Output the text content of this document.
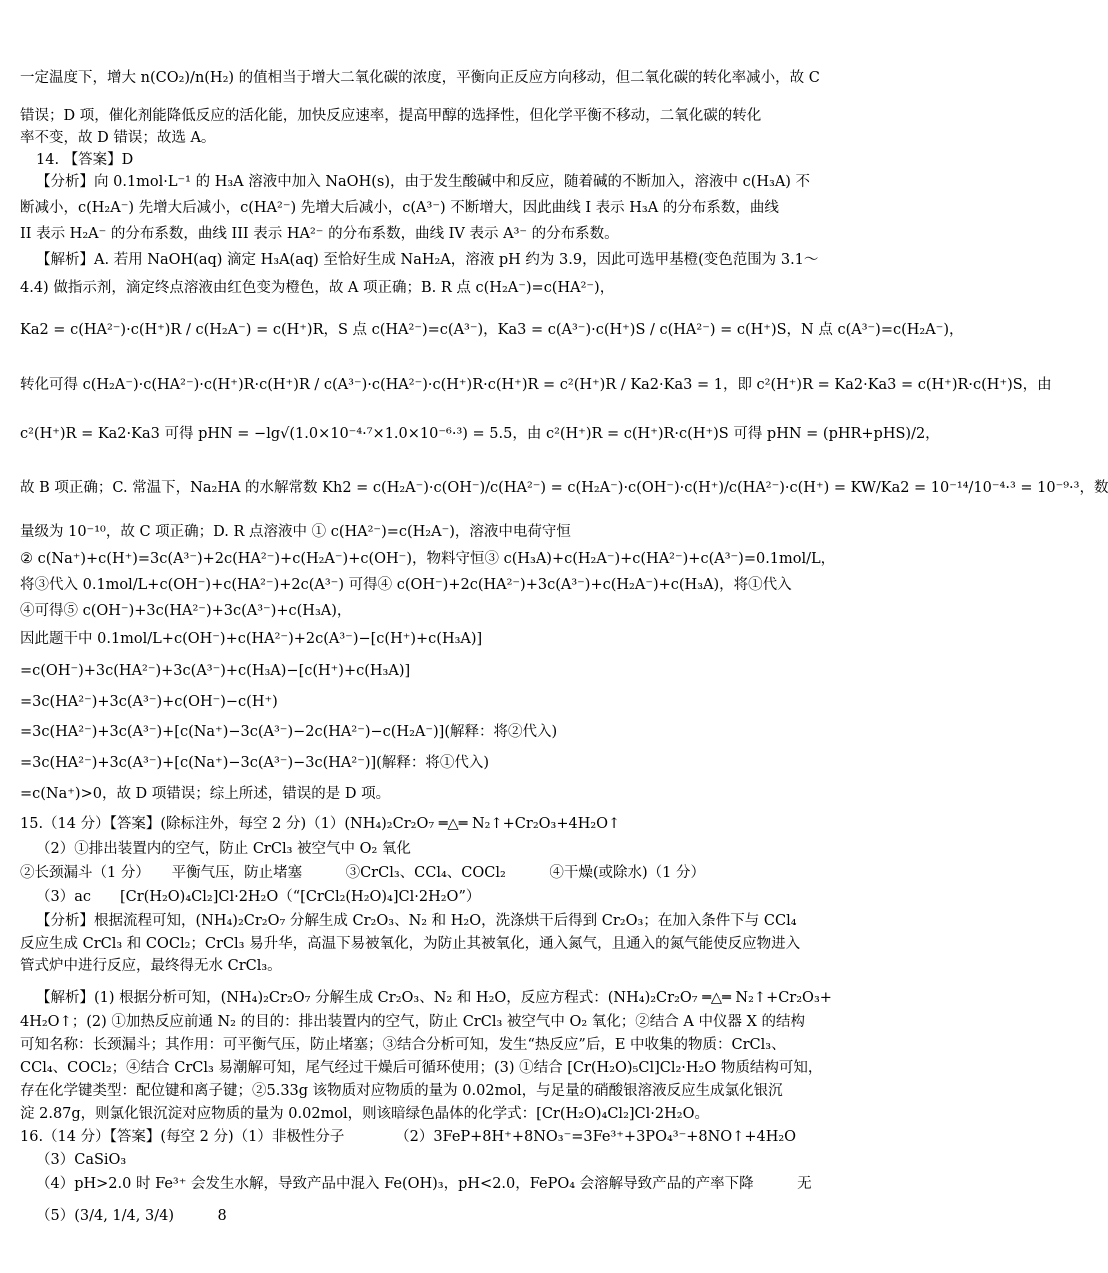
一定温度下，增大 n(CO₂)/n(H₂) 的值相当于增大二氧化碳的浓度，平衡向正反应方向移动，但二氧化碳的转化率减小，故 C
错误；D 项，催化剂能降低反应的活化能，加快反应速率，提高甲醇的选择性，但化学平衡不移动，二氧化碳的转化
率不变，故 D 错误；故选 A。
14. 【答案】D
【分析】向 0.1mol·L⁻¹ 的 H₃A 溶液中加入 NaOH(s)，由于发生酸碱中和反应，随着碱的不断加入，溶液中 c(H₃A) 不
断减小，c(H₂A⁻) 先增大后减小，c(HA²⁻) 先增大后减小，c(A³⁻) 不断增大，因此曲线 I 表示 H₃A 的分布系数，曲线
II 表示 H₂A⁻ 的分布系数，曲线 III 表示 HA²⁻ 的分布系数，曲线 IV 表示 A³⁻ 的分布系数。
【解析】A. 若用 NaOH(aq) 滴定 H₃A(aq) 至恰好生成 NaH₂A，溶液 pH 约为 3.9，因此可选甲基橙(变色范围为 3.1～
4.4) 做指示剂，滴定终点溶液由红色变为橙色，故 A 项正确；B. R 点 c(H₂A⁻)=c(HA²⁻)，
Ka2 = c(HA²⁻)·c(H⁺)R / c(H₂A⁻) = c(H⁺)R，S 点 c(HA²⁻)=c(A³⁻)，Ka3 = c(A³⁻)·c(H⁺)S / c(HA²⁻) = c(H⁺)S，N 点 c(A³⁻)=c(H₂A⁻)，
转化可得 c(H₂A⁻)·c(HA²⁻)·c(H⁺)R·c(H⁺)R / c(A³⁻)·c(HA²⁻)·c(H⁺)R·c(H⁺)R = c²(H⁺)R / Ka2·Ka3 = 1，即 c²(H⁺)R = Ka2·Ka3 = c(H⁺)R·c(H⁺)S，由
c²(H⁺)R = Ka2·Ka3 可得 pHN = −lg√(1.0×10⁻⁴·⁷×1.0×10⁻⁶·³) = 5.5，由 c²(H⁺)R = c(H⁺)R·c(H⁺)S 可得 pHN = (pHR+pHS)/2，
故 B 项正确；C. 常温下，Na₂HA 的水解常数 Kh2 = c(H₂A⁻)·c(OH⁻)/c(HA²⁻) = c(H₂A⁻)·c(OH⁻)·c(H⁺)/c(HA²⁻)·c(H⁺) = KW/Ka2 = 10⁻¹⁴/10⁻⁴·³ = 10⁻⁹·³，数
量级为 10⁻¹⁰，故 C 项正确；D. R 点溶液中 ① c(HA²⁻)=c(H₂A⁻)，溶液中电荷守恒
② c(Na⁺)+c(H⁺)=3c(A³⁻)+2c(HA²⁻)+c(H₂A⁻)+c(OH⁻)，物料守恒③ c(H₃A)+c(H₂A⁻)+c(HA²⁻)+c(A³⁻)=0.1mol/L，
将③代入 0.1mol/L+c(OH⁻)+c(HA²⁻)+2c(A³⁻) 可得④ c(OH⁻)+2c(HA²⁻)+3c(A³⁻)+c(H₂A⁻)+c(H₃A)，将①代入
④可得⑤ c(OH⁻)+3c(HA²⁻)+3c(A³⁻)+c(H₃A)，
因此题干中 0.1mol/L+c(OH⁻)+c(HA²⁻)+2c(A³⁻)−[c(H⁺)+c(H₃A)]
=c(OH⁻)+3c(HA²⁻)+3c(A³⁻)+c(H₃A)−[c(H⁺)+c(H₃A)]
=3c(HA²⁻)+3c(A³⁻)+c(OH⁻)−c(H⁺)
=3c(HA²⁻)+3c(A³⁻)+[c(Na⁺)−3c(A³⁻)−2c(HA²⁻)−c(H₂A⁻)](解释：将②代入)
=3c(HA²⁻)+3c(A³⁻)+[c(Na⁺)−3c(A³⁻)−3c(HA²⁻)](解释：将①代入)
=c(Na⁺)>0，故 D 项错误；综上所述，错误的是 D 项。
15.（14 分）【答案】(除标注外，每空 2 分)（1）(NH₄)₂Cr₂O₇ ═△═ N₂↑+Cr₂O₃+4H₂O↑
（2）①排出装置内的空气，防止 CrCl₃ 被空气中 O₂ 氧化
②长颈漏斗（1 分）　　平衡气压，防止堵塞　　　③CrCl₃、CCl₄、COCl₂　　　④干燥(或除水)（1 分）
（3）ac　　[Cr(H₂O)₄Cl₂]Cl·2H₂O（“[CrCl₂(H₂O)₄]Cl·2H₂O”）
【分析】根据流程可知，(NH₄)₂Cr₂O₇ 分解生成 Cr₂O₃、N₂ 和 H₂O，洗涤烘干后得到 Cr₂O₃；在加入条件下与 CCl₄
反应生成 CrCl₃ 和 COCl₂；CrCl₃ 易升华，高温下易被氧化，为防止其被氧化，通入氮气，且通入的氮气能使反应物进入
管式炉中进行反应，最终得无水 CrCl₃。
【解析】(1) 根据分析可知，(NH₄)₂Cr₂O₇ 分解生成 Cr₂O₃、N₂ 和 H₂O，反应方程式：(NH₄)₂Cr₂O₇ ═△═ N₂↑+Cr₂O₃+
4H₂O↑；(2) ①加热反应前通 N₂ 的目的：排出装置内的空气，防止 CrCl₃ 被空气中 O₂ 氧化；②结合 A 中仪器 X 的结构
可知名称：长颈漏斗；其作用：可平衡气压，防止堵塞；③结合分析可知，发生“热反应”后，E 中收集的物质：CrCl₃、
CCl₄、COCl₂；④结合 CrCl₃ 易潮解可知，尾气经过干燥后可循环使用；(3) ①结合 [Cr(H₂O)₅Cl]Cl₂·H₂O 物质结构可知，
存在化学键类型：配位键和离子键；②5.33g 该物质对应物质的量为 0.02mol，与足量的硝酸银溶液反应生成氯化银沉
淀 2.87g，则氯化银沉淀对应物质的量为 0.02mol，则该暗绿色晶体的化学式：[Cr(H₂O)₄Cl₂]Cl·2H₂O。
16.（14 分）【答案】(每空 2 分)（1）非极性分子　　　　（2）3FeP+8H⁺+8NO₃⁻=3Fe³⁺+3PO₄³⁻+8NO↑+4H₂O
（3）CaSiO₃
（4）pH>2.0 时 Fe³⁺ 会发生水解，导致产品中混入 Fe(OH)₃，pH<2.0，FePO₄ 会溶解导致产品的产率下降　　　无
（5）(3/4, 1/4, 3/4)　　　8
